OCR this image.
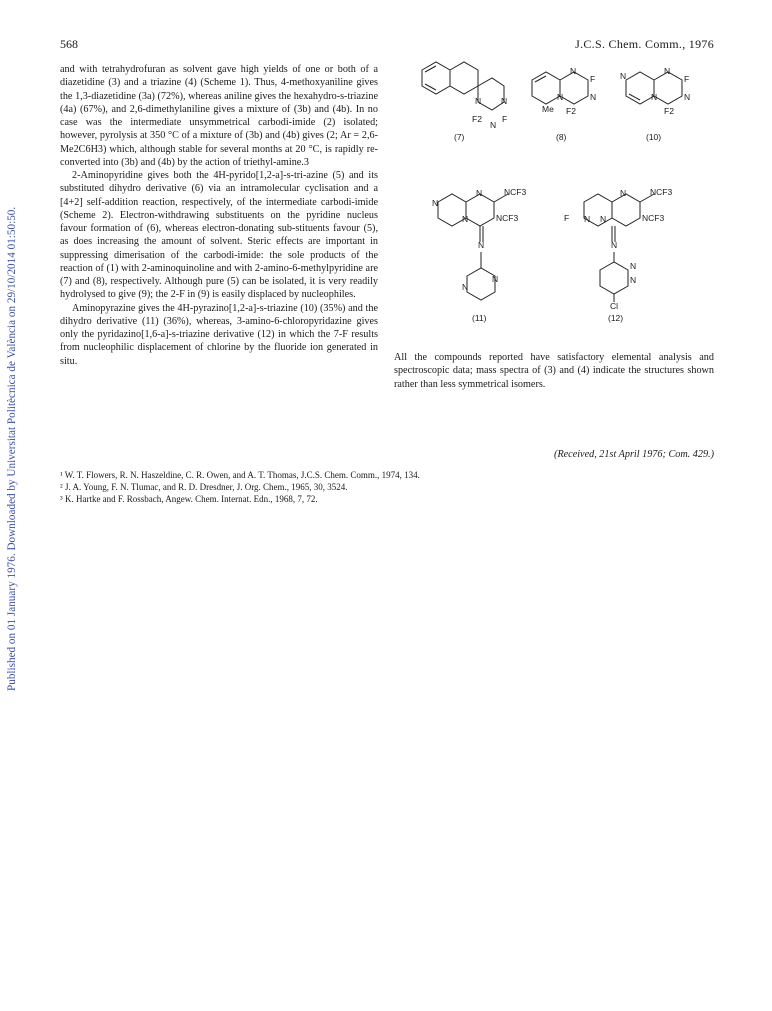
Published on 01 January 1976. Downloaded by Universitat Politècnica de València on 29/10/2014 01:50:50.
568	J.C.S. Chem. Comm., 1976

and with tetrahydrofuran as solvent gave high yields of one or both of a diazetidine (3) and a triazine (4) (Scheme 1). Thus, 4-methoxyaniline gives the 1,3-diazetidine (3a) (72%), whereas aniline gives the hexahydro-s-triazine (4a) (67%), and 2,6-dimethylaniline gives a mixture of (3b) and (4b). In no case was the intermediate unsymmetrical carbodi-imide (2) isolated; however, pyrolysis at 350 °C of a mixture of (3b) and (4b) gives (2; Ar = 2,6-Me2C6H3) which, although stable for several months at 20 °C, is rapidly re-converted into (3b) and (4b) by the action of triethyl-amine.3

2-Aminopyridine gives both the 4H-pyrido[1,2-a]-s-tri-azine (5) and its substituted dihydro derivative (6) via an intramolecular cyclisation and a [4+2] self-addition reaction, respectively, of the intermediate carbodi-imide (Scheme 2). Electron-withdrawing substituents on the pyridine nucleus favour formation of (6), whereas electron-donating sub-stituents favour (5), as does increasing the amount of solvent. Steric effects are important in suppressing dimerisation of the carbodi-imide: the sole products of the reaction of (1) with 2-aminoquinoline and with 2-amino-6-methylpyridine are (7) and (8), respectively. Although pure (5) can be isolated, it is very readily hydrolysed to give (9); the 2-F in (9) is easily displaced by nucleophiles.

Aminopyrazine gives the 4H-pyrazino[1,2-a]-s-triazine (10) (35%) and the dihydro derivative (11) (36%), whereas, 3-amino-6-chloropyridazine gives only the pyridazino[1,6-a]-s-triazine derivative (12) in which the 7-F results from nucleophilic displacement of chlorine by the fluoride ion generated in situ.

N N
F
F2
N
N
F
N
N
Me F2
N	N
F
N
N
F2
(7)	(8)	(10)
N
N	NCF3
NCF3
N
N
N
N
F N N
N	NCF3
NCF3
N
N
N
Cl
(11)	(12)
All the compounds reported have satisfactory elemental analysis and spectroscopic data; mass spectra of (3) and (4) indicate the structures shown rather than less symmetrical isomers.
(Received, 21st April 1976; Com. 429.)
¹ W. T. Flowers, R. N. Haszeldine, C. R. Owen, and A. T. Thomas, J.C.S. Chem. Comm., 1974, 134.
² J. A. Young, F. N. Tlumac, and R. D. Dresdner, J. Org. Chem., 1965, 30, 3524.
³ K. Hartke and F. Rossbach, Angew. Chem. Internat. Edn., 1968, 7, 72.
